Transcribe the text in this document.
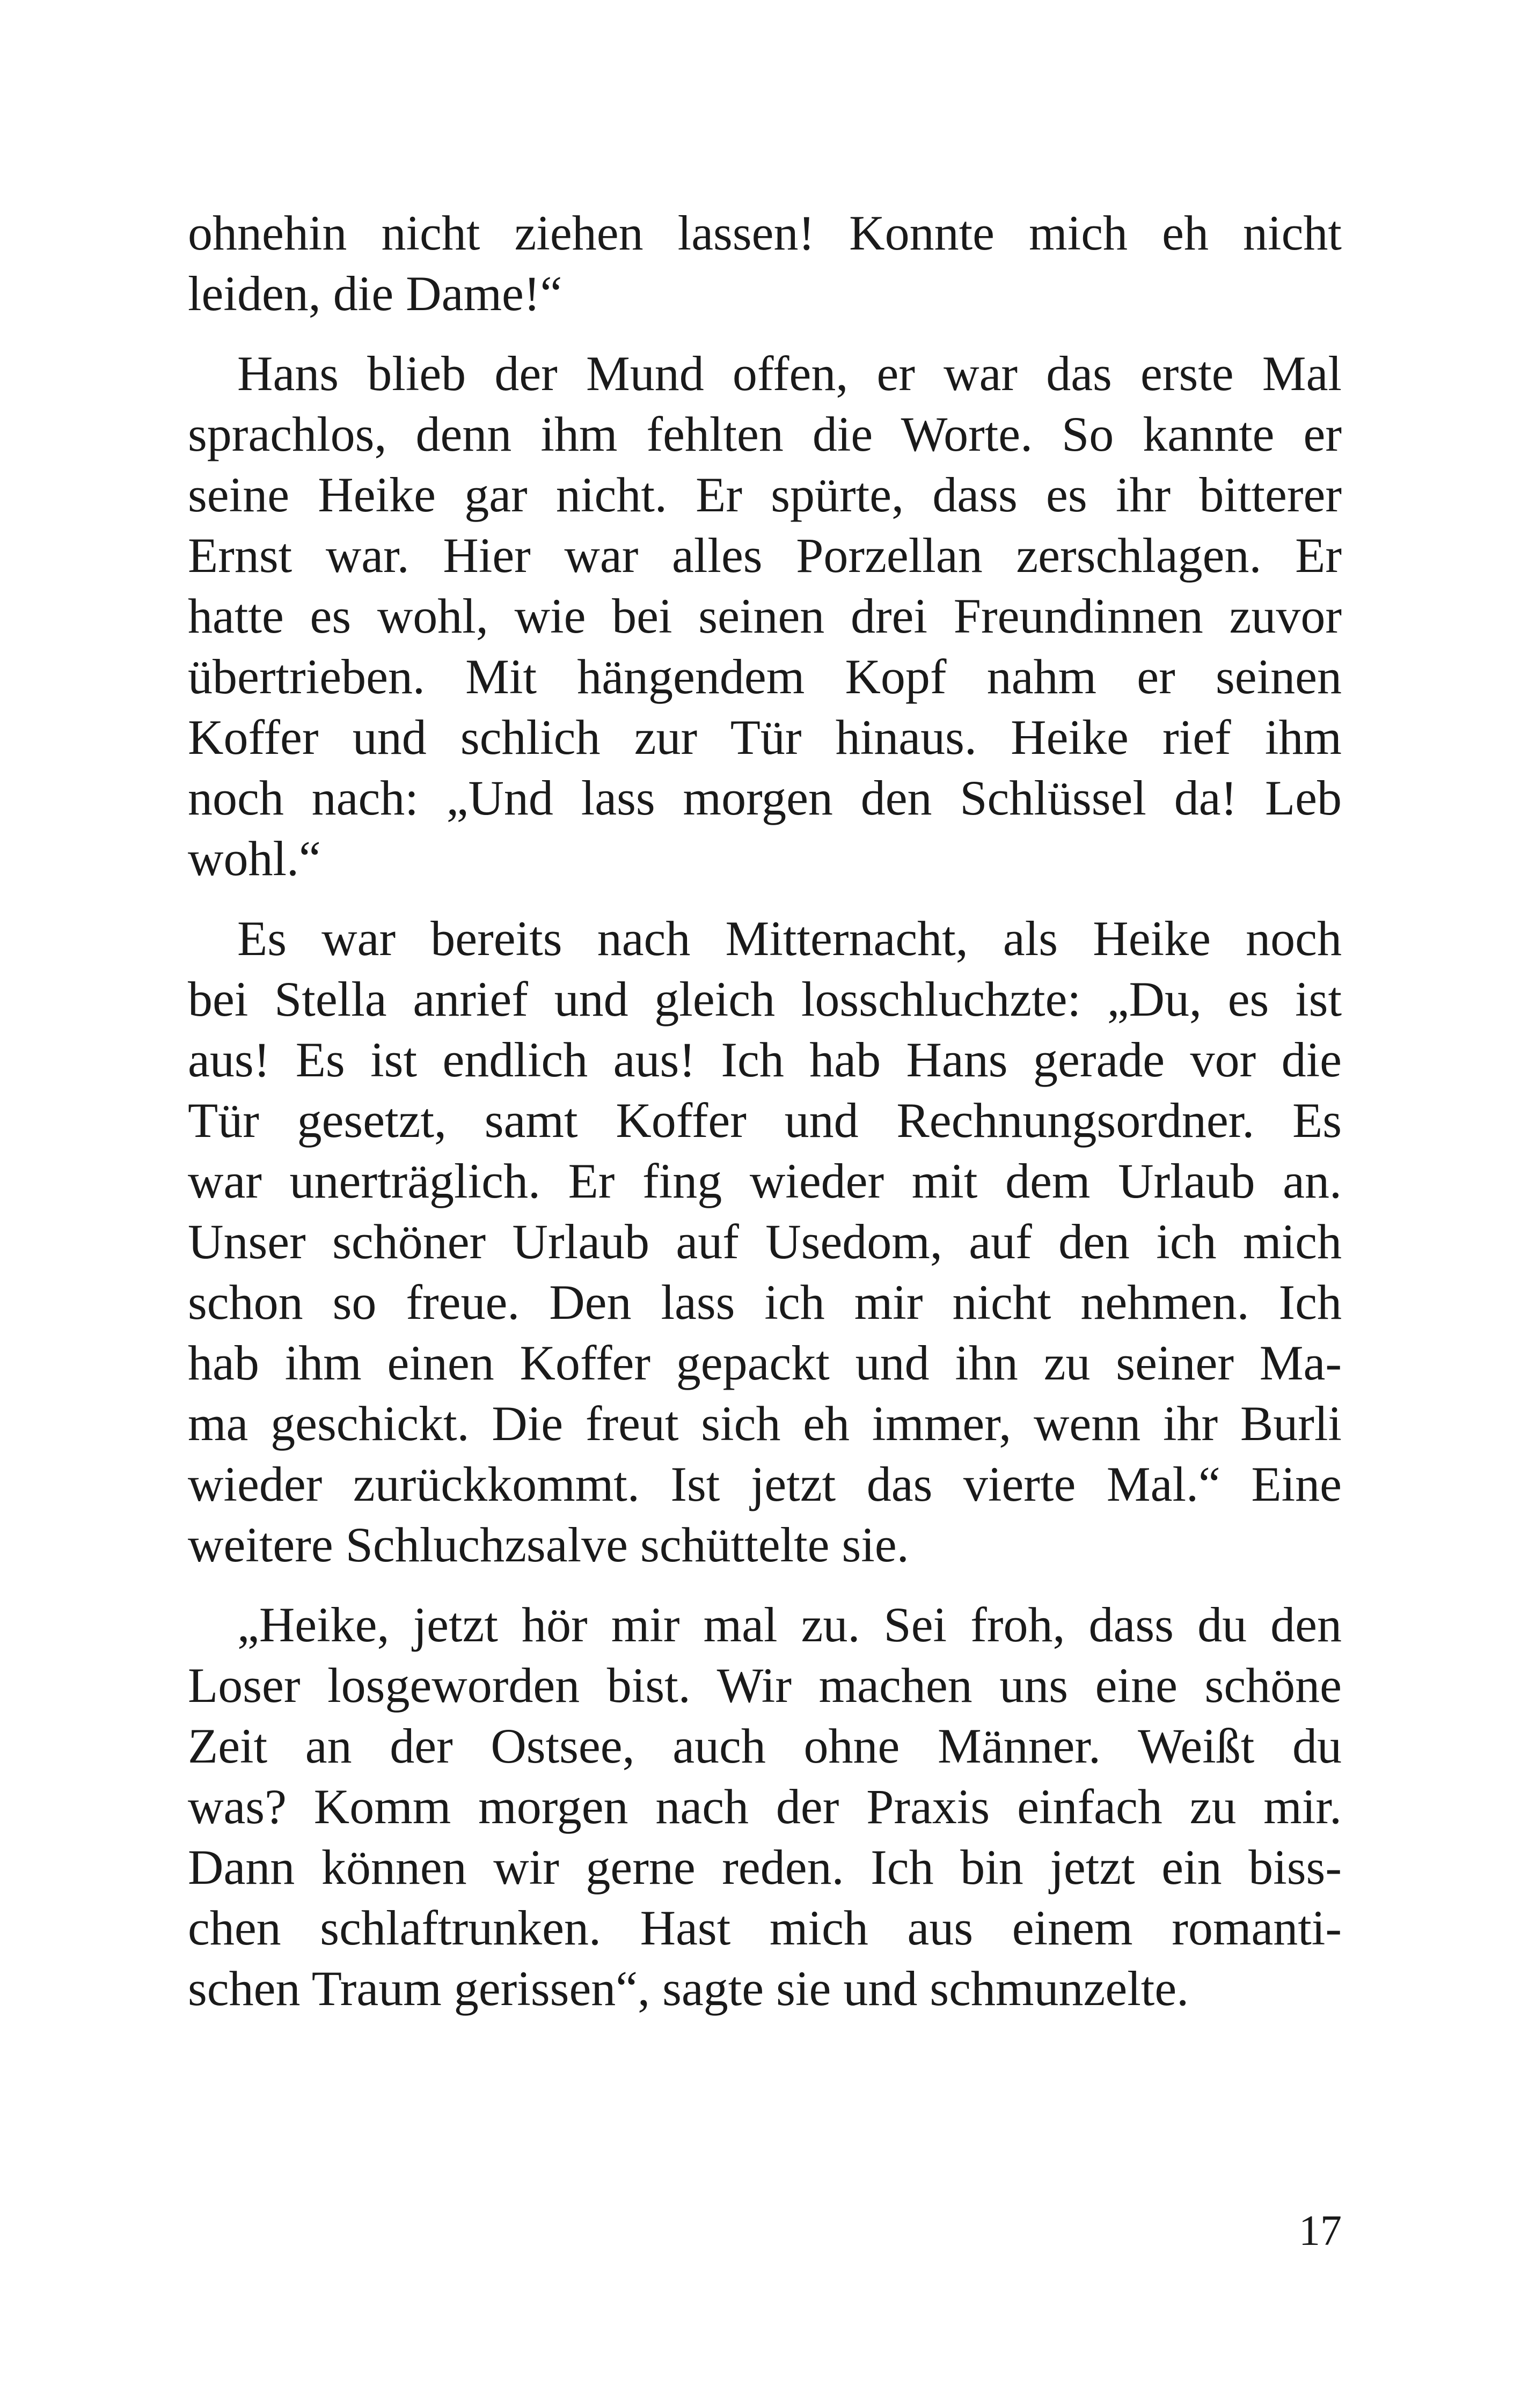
ohnehin nicht ziehen lassen! Konnte mich eh nicht
leiden, die Dame!“
 Hans blieb der Mund offen, er war das erste Mal
sprachlos, denn ihm fehlten die Worte. So kannte er
seine Heike gar nicht. Er spürte, dass es ihr bitterer
Ernst war. Hier war alles Porzellan zerschlagen. Er
hatte es wohl, wie bei seinen drei Freundinnen zuvor
übertrieben. Mit hängendem Kopf nahm er seinen
Koffer und schlich zur Tür hinaus. Heike rief ihm
noch nach: „Und lass morgen den Schlüssel da! Leb
wohl.“
 Es war bereits nach Mitternacht, als Heike noch
bei Stella anrief und gleich losschluchzte: „Du, es ist
aus! Es ist endlich aus! Ich hab Hans gerade vor die
Tür gesetzt, samt Koffer und Rechnungsordner. Es
war unerträglich. Er fing wieder mit dem Urlaub an.
Unser schöner Urlaub auf Usedom, auf den ich mich
schon so freue. Den lass ich mir nicht nehmen. Ich
hab ihm einen Koffer gepackt und ihn zu seiner Ma-
ma geschickt. Die freut sich eh immer, wenn ihr Burli
wieder zurückkommt. Ist jetzt das vierte Mal.“ Eine
weitere Schluchzsalve schüttelte sie.
 „Heike, jetzt hör mir mal zu. Sei froh, dass du den
Loser losgeworden bist. Wir machen uns eine schöne
Zeit an der Ostsee, auch ohne Männer. Weißt du
was? Komm morgen nach der Praxis einfach zu mir.
Dann können wir gerne reden. Ich bin jetzt ein biss-
chen schlaftrunken. Hast mich aus einem romanti-
schen Traum gerissen“, sagte sie und schmunzelte.
17
